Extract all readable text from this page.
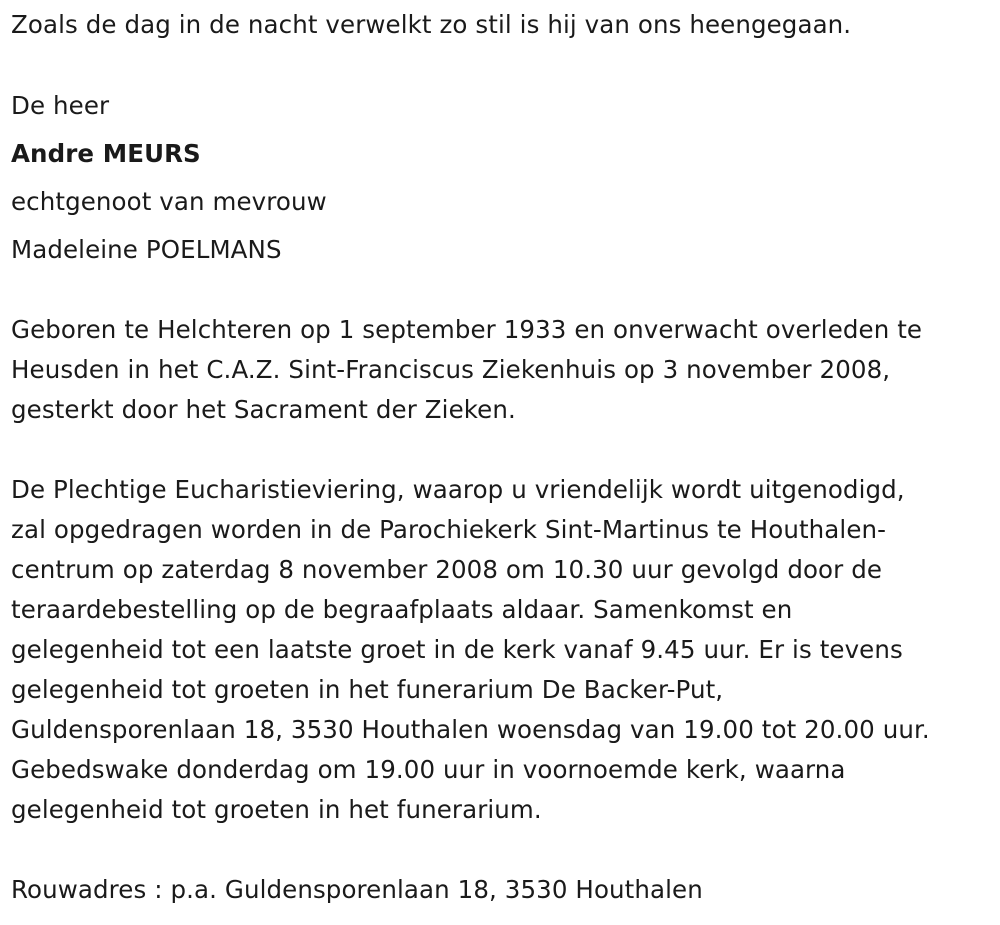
Zoals de dag in de nacht verwelkt zo stil is hij van ons heengegaan.
De heer
Andre MEURS
echtgenoot van mevrouw
Madeleine POELMANS
Geboren te Helchteren op 1 september 1933 en onverwacht overleden te
Heusden in het C.A.Z. Sint-Franciscus Ziekenhuis op 3 november 2008,
gesterkt door het Sacrament der Zieken.
De Plechtige Eucharistieviering, waarop u vriendelijk wordt uitgenodigd,
zal opgedragen worden in de Parochiekerk Sint-Martinus te Houthalen-
centrum op zaterdag 8 november 2008 om 10.30 uur gevolgd door de
teraardebestelling op de begraafplaats aldaar. Samenkomst en
gelegenheid tot een laatste groet in de kerk vanaf 9.45 uur. Er is tevens
gelegenheid tot groeten in het funerarium De Backer-Put,
Guldensporenlaan 18, 3530 Houthalen woensdag van 19.00 tot 20.00 uur.
Gebedswake donderdag om 19.00 uur in voornoemde kerk, waarna
gelegenheid tot groeten in het funerarium.
Rouwadres : p.a. Guldensporenlaan 18, 3530 Houthalen
